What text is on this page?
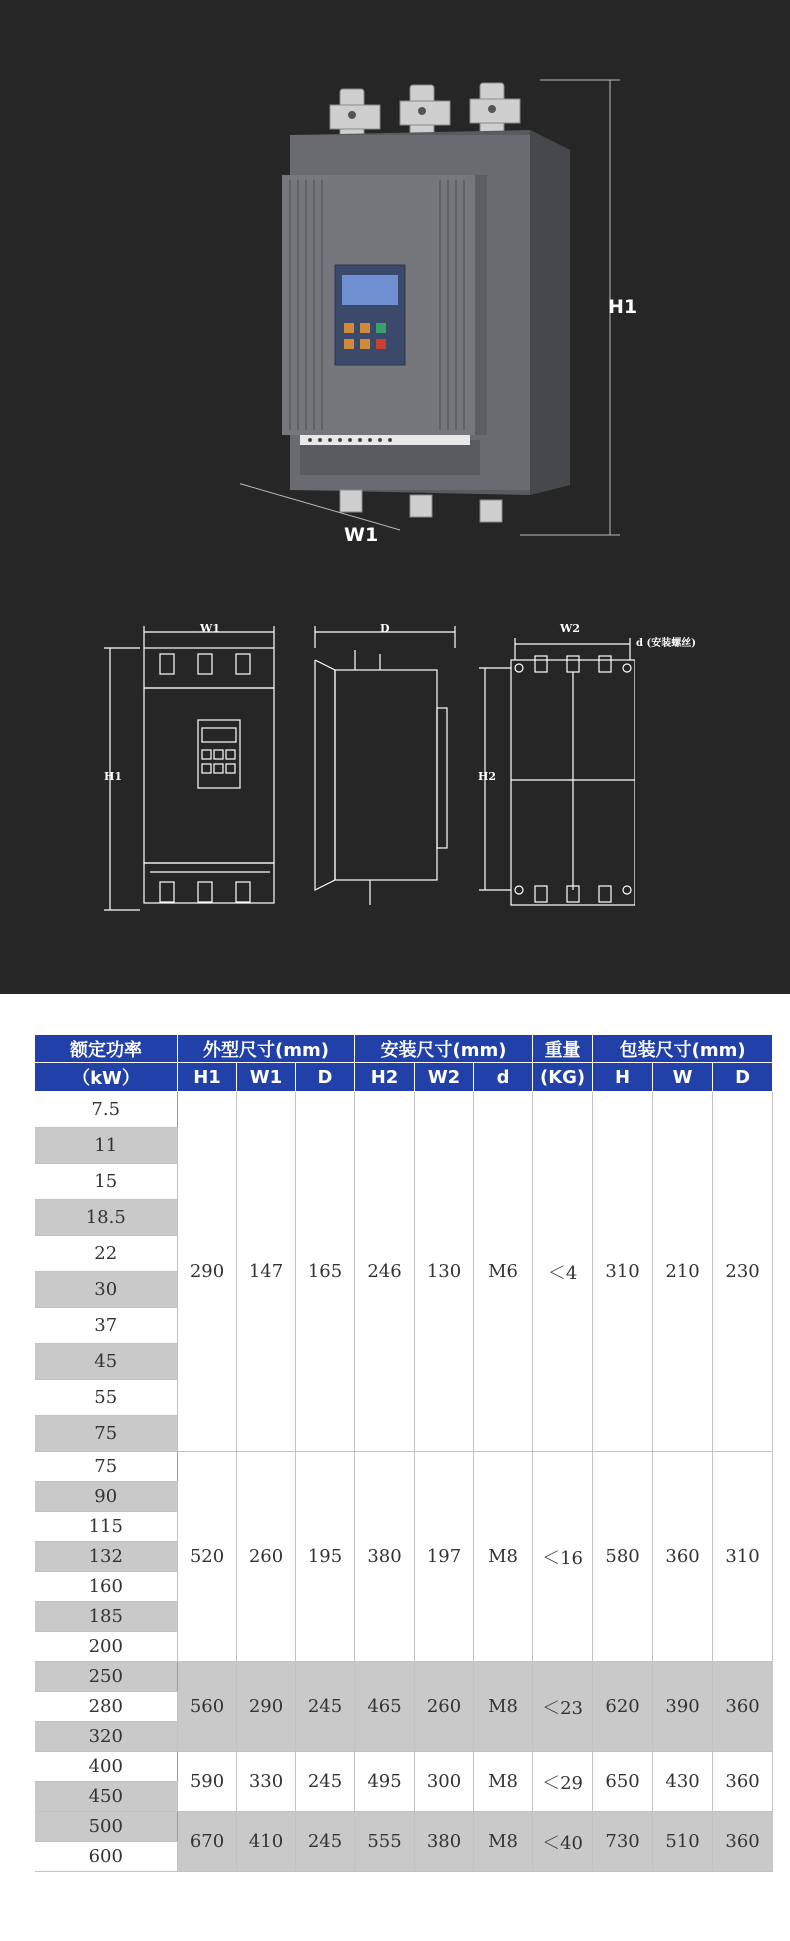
H1
W1
W1
H1
D	W2
H2
d (安装螺丝)
额定功率	外型尺寸(mm)			安装尺寸(mm)			重量	包装尺寸(mm)		
（kW）	H1	W1	D	H2	W2	d	(KG)	H	W	D
7.5	290	147	165	246	130	M6	＜4	310	210	230
11										
15										
18.5										
22										
30										
37										
45										
55										
75										
75	520	260	195	380	197	M8	＜16	580	360	310
90										
115										
132										
160										
185										
200										
250	560	290	245	465	260	M8	＜23	620	390	360
280										
320										
400	590	330	245	495	300	M8	＜29	650	430	360
450										
500	670	410	245	555	380	M8	＜40	730	510	360
600										
